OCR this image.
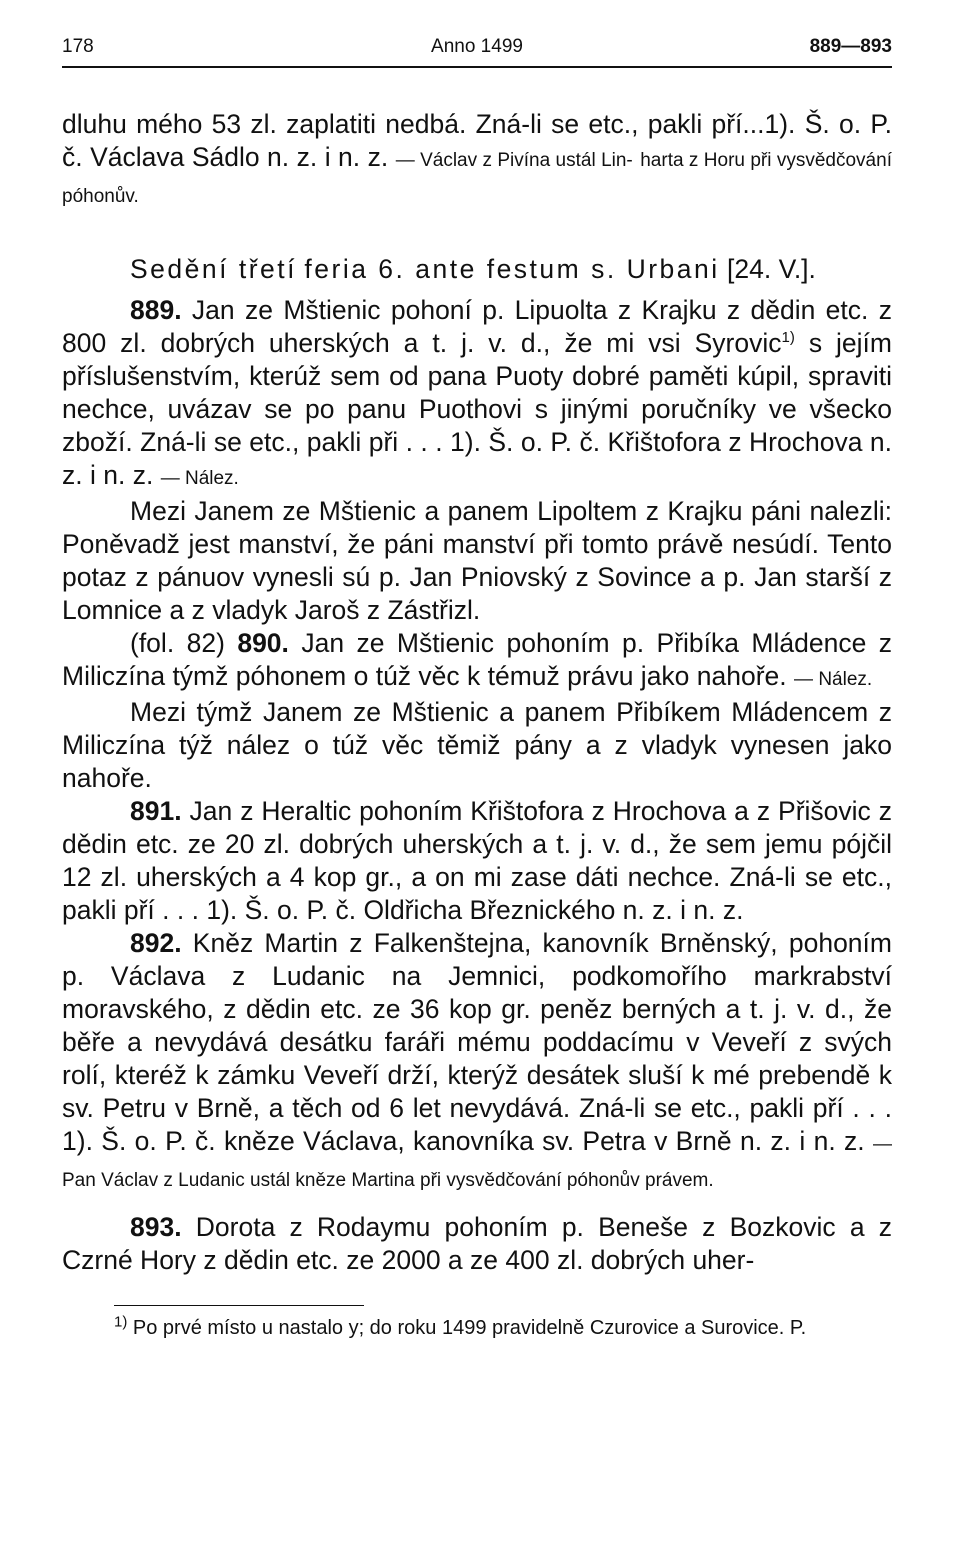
178	Anno 1499	889—893

dluhu mého 53 zl. zaplatiti nedbá. Zná-li se etc., pakli pří...1). Š. o. P. č. Václava Sádlo n. z. i n. z. — Václav z Pivína ustál Lin- harta z Horu při vysvědčování póhonův.

Sedění třetí feria 6. ante festum s. Urbani [24. V.].

889. Jan ze Mštienic pohoní p. Lipuolta z Krajku z dědin etc. z 800 zl. dobrých uherských a t. j. v. d., že mi vsi Syrovic$^{1)}$ s jejím příslušenstvím, kterúž sem od pana Puoty dobré paměti kúpil, spraviti nechce, uvázav se po panu Puothovi s jinými poručníky ve všecko zboží. Zná-li se etc., pakli při . . . 1). Š. o. P. č. Křištofora z Hrochova n. z. i n. z. — Nález.

Mezi Janem ze Mštienic a panem Lipoltem z Krajku páni nalezli: Poněvadž jest manství, že páni manství při tomto právě nesúdí. Tento potaz z pánuov vynesli sú p. Jan Pniovský z Sovince a p. Jan starší z Lomnice a z vladyk Jaroš z Zástřizl.

(fol. 82) 890. Jan ze Mštienic pohoním p. Přibíka Mládence z Miliczína týmž póhonem o túž věc k témuž právu jako nahoře. — Nález.

Mezi týmž Janem ze Mštienic a panem Přibíkem Mládencem z Miliczína týž nález o túž věc těmiž pány a z vladyk vynesen jako nahoře.

891. Jan z Heraltic pohoním Křištofora z Hrochova a z Přišovic z dědin etc. ze 20 zl. dobrých uherských a t. j. v. d., že sem jemu pójčil 12 zl. uherských a 4 kop gr., a on mi zase dáti nechce. Zná-li se etc., pakli pří . . . 1). Š. o. P. č. Oldřicha Březnického n. z. i n. z.

892. Kněz Martin z Falkenštejna, kanovník Brněnský, pohoním p. Václava z Ludanic na Jemnici, podkomořího markrabství moravského, z dědin etc. ze 36 kop gr. peněz berných a t. j. v. d., že běře a nevydává desátku faráři mému poddacímu v Veveří z svých rolí, kteréž k zámku Veveří drží, kterýž desátek sluší k mé prebendě k sv. Petru v Brně, a těch od 6 let nevydává. Zná-li se etc., pakli pří . . . 1). Š. o. P. č. kněze Václava, kanovníka sv. Petra v Brně n. z. i n. z. — Pan Václav z Ludanic ustál kněze Martina při vysvědčování póhonův právem.

893. Dorota z Rodaymu pohoním p. Beneše z Bozkovic a z Czrné Hory z dědin etc. ze 2000 a ze 400 zl. dobrých uher-

$^{1)}$ Po prvé místo u nastalo y; do roku 1499 pravidelně Czurovice a Surovice. P.
